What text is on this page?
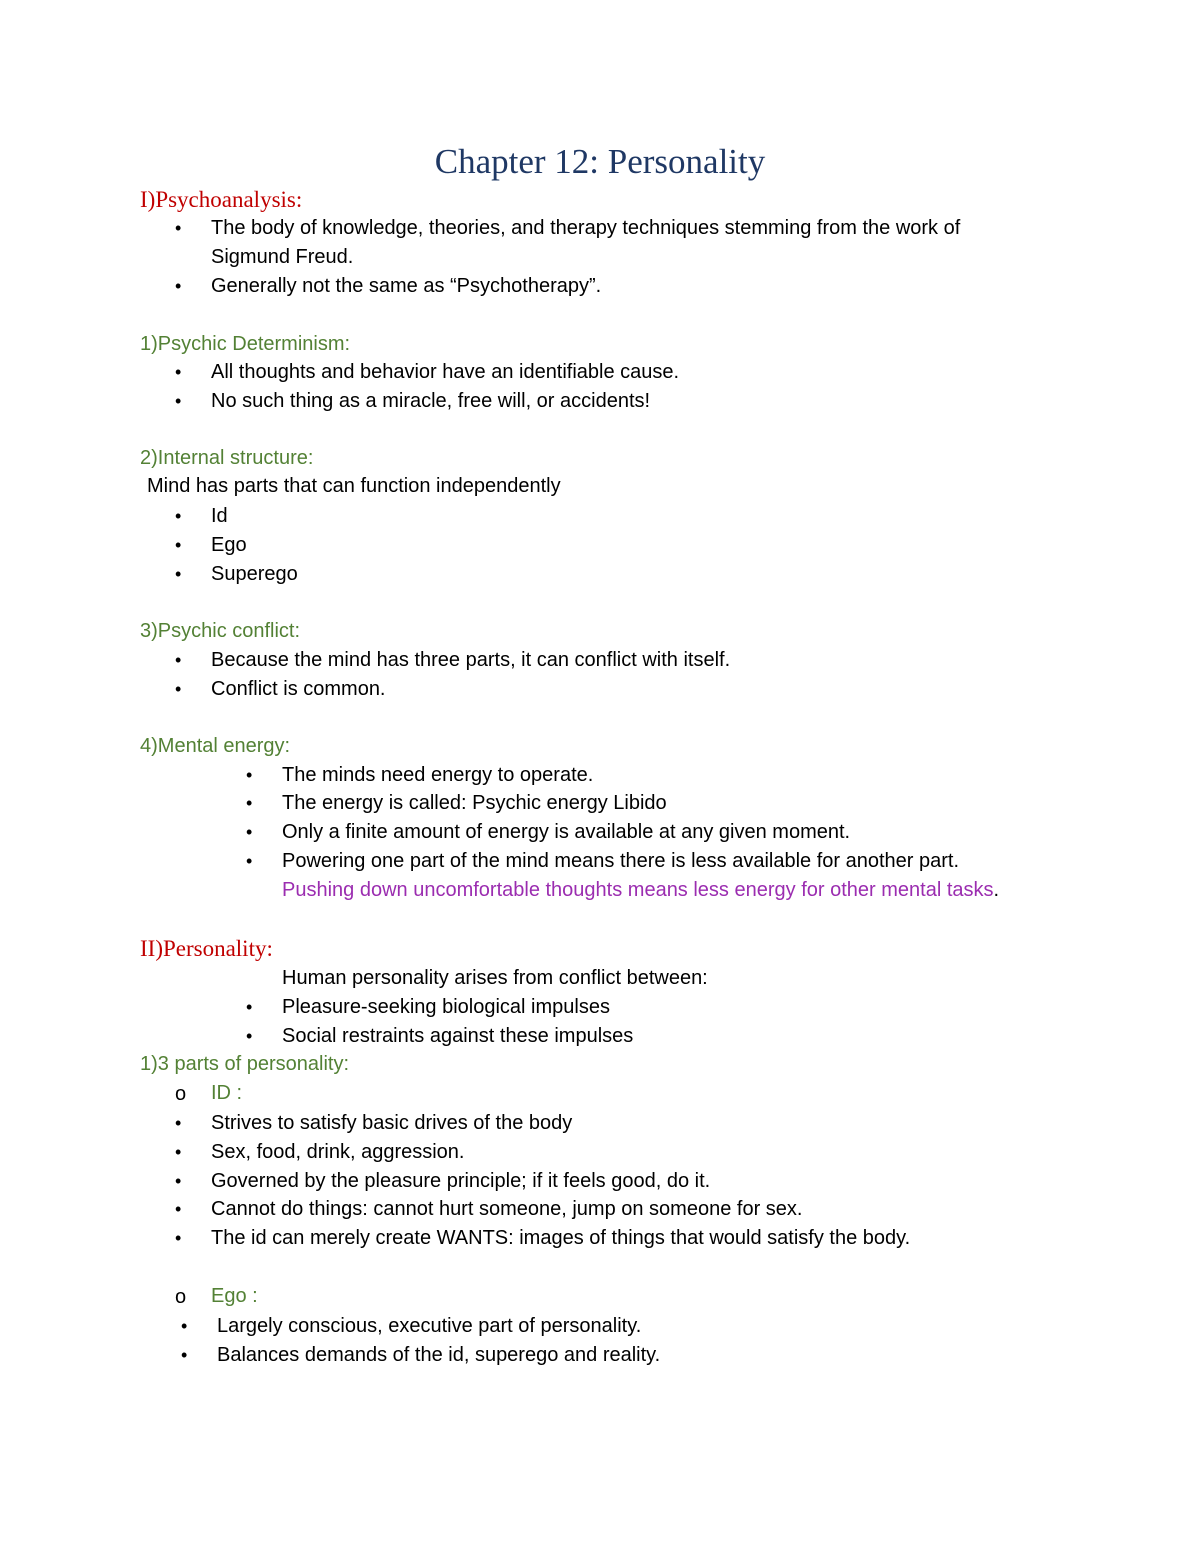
Chapter 12: Personality
I)Psychoanalysis:
• The body of knowledge, theories, and therapy techniques stemming from the work of
Sigmund Freud.
• Generally not the same as “Psychotherapy”.
1)Psychic Determinism:
• All thoughts and behavior have an identifiable cause.
• No such thing as a miracle, free will, or accidents!
2)Internal structure:
Mind has parts that can function independently
• Id
• Ego
• Superego
3)Psychic conflict:
• Because the mind has three parts, it can conflict with itself.
• Conflict is common.
4)Mental energy:
• The minds need energy to operate.
• The energy is called: Psychic energy Libido
• Only a finite amount of energy is available at any given moment.
• Powering one part of the mind means there is less available for another part.
Pushing down uncomfortable thoughts means less energy for other mental tasks.
II)Personality:
Human personality arises from conflict between:
• Pleasure-seeking biological impulses
• Social restraints against these impulses
1)3 parts of personality:
o ID :
• Strives to satisfy basic drives of the body
• Sex, food, drink, aggression.
• Governed by the pleasure principle; if it feels good, do it.
• Cannot do things: cannot hurt someone, jump on someone for sex.
• The id can merely create WANTS: images of things that would satisfy the body.
o Ego :
• Largely conscious, executive part of personality.
• Balances demands of the id, superego and reality.
